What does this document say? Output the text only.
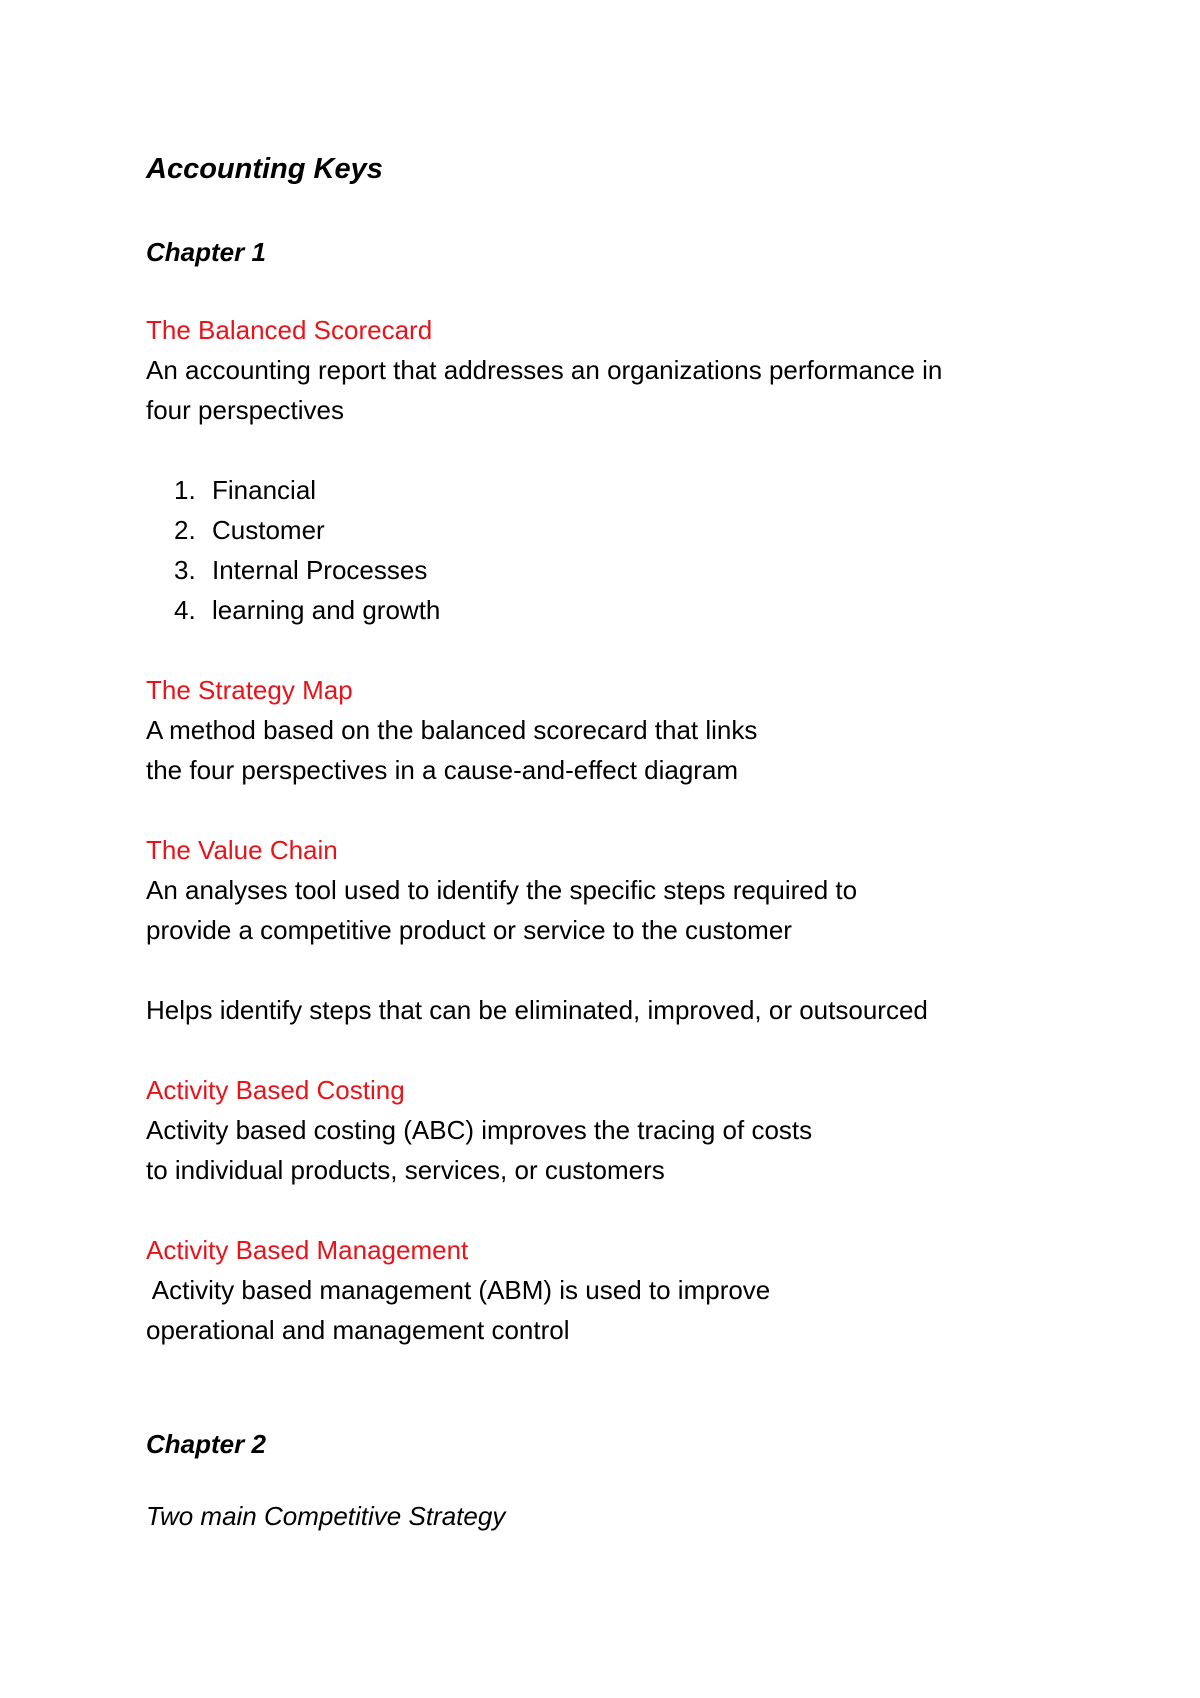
Accounting Keys

Chapter 1

The Balanced Scorecard

An accounting report that addresses an organizations performance in

four perspectives

1. Financial
2. Customer
3. Internal Processes
4. learning and growth

The Strategy Map

A method based on the balanced scorecard that links

the four perspectives in a cause-and-effect diagram

The Value Chain

An analyses tool used to identify the specific steps required to

provide a competitive product or service to the customer

Helps identify steps that can be eliminated, improved, or outsourced

Activity Based Costing

Activity based costing (ABC) improves the tracing of costs

to individual products, services, or customers

Activity Based Management

Activity based management (ABM) is used to improve

operational and management control

Chapter 2

Two main Competitive Strategy
